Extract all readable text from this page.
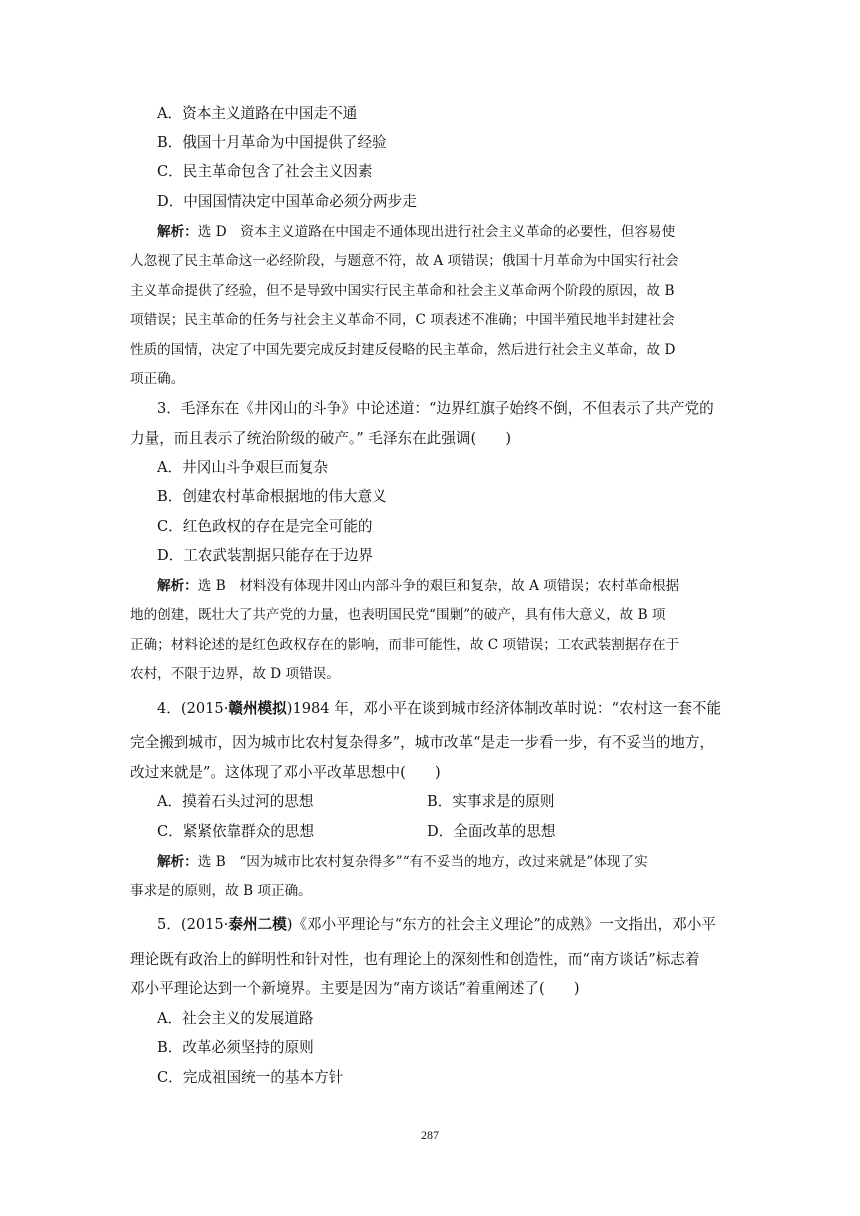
A．资本主义道路在中国走不通
B．俄国十月革命为中国提供了经验
C．民主革命包含了社会主义因素
D．中国国情决定中国革命必须分两步走
解析：选 D　资本主义道路在中国走不通体现出进行社会主义革命的必要性，但容易使
人忽视了民主革命这一必经阶段，与题意不符，故 A 项错误；俄国十月革命为中国实行社会
主义革命提供了经验，但不是导致中国实行民主革命和社会主义革命两个阶段的原因，故 B
项错误；民主革命的任务与社会主义革命不同，C 项表述不准确；中国半殖民地半封建社会
性质的国情，决定了中国先要完成反封建反侵略的民主革命，然后进行社会主义革命，故 D
项正确。
3．毛泽东在《井冈山的斗争》中论述道：“边界红旗子始终不倒，不但表示了共产党的
力量，而且表示了统治阶级的破产。” 毛泽东在此强调(　　)
A．井冈山斗争艰巨而复杂
B．创建农村革命根据地的伟大意义
C．红色政权的存在是完全可能的
D．工农武装割据只能存在于边界
解析：选 B　材料没有体现井冈山内部斗争的艰巨和复杂，故 A 项错误；农村革命根据
地的创建，既壮大了共产党的力量，也表明国民党“围剿”的破产，具有伟大意义，故 B 项
正确；材料论述的是红色政权存在的影响，而非可能性，故 C 项错误；工农武装割据存在于
农村，不限于边界，故 D 项错误。
4．(2015·赣州模拟)1984 年，邓小平在谈到城市经济体制改革时说：“农村这一套不能
完全搬到城市，因为城市比农村复杂得多”，城市改革“是走一步看一步，有不妥当的地方，
改过来就是”。这体现了邓小平改革思想中(　　)
A．摸着石头过河的思想	B．实事求是的原则
C．紧紧依靠群众的思想	D．全面改革的思想
解析：选 B　“因为城市比农村复杂得多”“有不妥当的地方，改过来就是”体现了实
事求是的原则，故 B 项正确。
5．(2015·泰州二模)《邓小平理论与“东方的社会主义理论”的成熟》一文指出，邓小平
理论既有政治上的鲜明性和针对性，也有理论上的深刻性和创造性，而“南方谈话”标志着
邓小平理论达到一个新境界。主要是因为“南方谈话”着重阐述了(　　)
A．社会主义的发展道路
B．改革必须坚持的原则
C．完成祖国统一的基本方针
287
